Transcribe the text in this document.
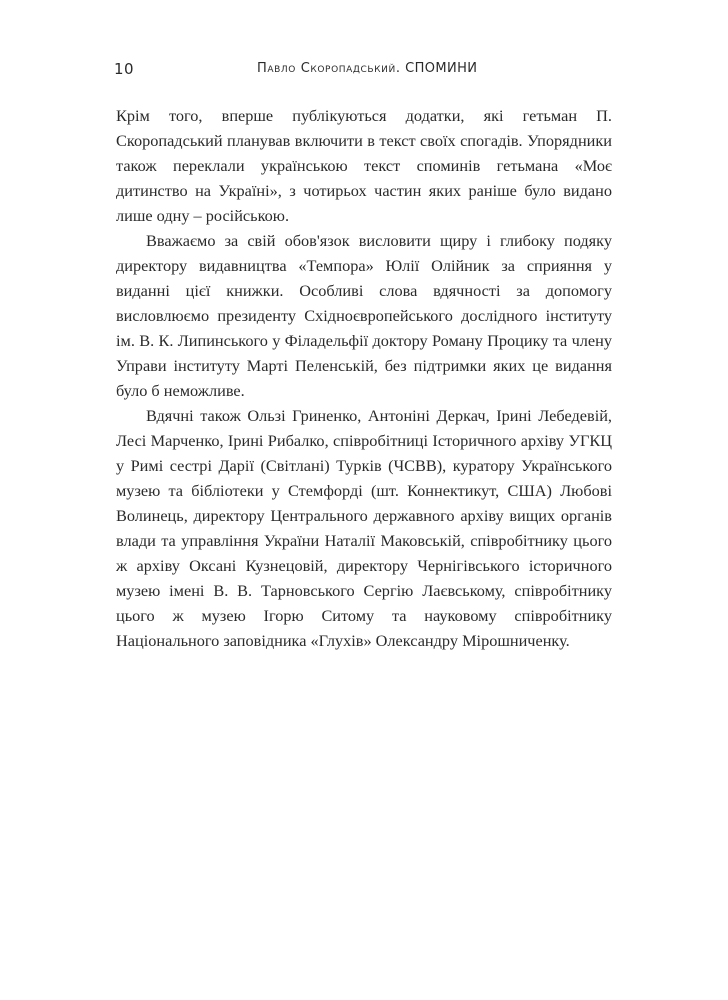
10	Павло Скоропадський. СПОМИНИ

Крім того, вперше публікуються додатки, які гетьман П. Скоропадський планував включити в текст своїх спогадів. Упорядники також переклали українською текст споминів гетьмана «Моє дитинство на Україні», з чотирьох частин яких раніше було видано лише одну – російською.

Вважаємо за свій обов'язок висловити щиру і глибоку подяку директору видавництва «Темпора» Юлії Олійник за сприяння у виданні цієї книжки. Особливі слова вдячності за допомогу висловлюємо президенту Східноєвропейського дослідного інституту ім. В. К. Липинського у Філадельфії доктору Роману Процику та члену Управи інституту Марті Пеленській, без підтримки яких це видання було б неможливе.

Вдячні також Ользі Гриненко, Антоніні Деркач, Ірині Лебедевій, Лесі Марченко, Ірині Рибалко, співробітниці Історичного архіву УГКЦ у Римі сестрі Дарії (Світлані) Турків (ЧСВВ), куратору Українського музею та бібліотеки у Стемфорді (шт. Коннектикут, США) Любові Волинець, директору Центрального державного архіву вищих органів влади та управління України Наталії Маковській, співробітнику цього ж архіву Оксані Кузнецовій, директору Чернігівського історичного музею імені В. В. Тарновського Сергію Лаєвському, співробітнику цього ж музею Ігорю Ситому та науковому співробітнику Національного заповідника «Глухів» Олександру Мірошниченку.
